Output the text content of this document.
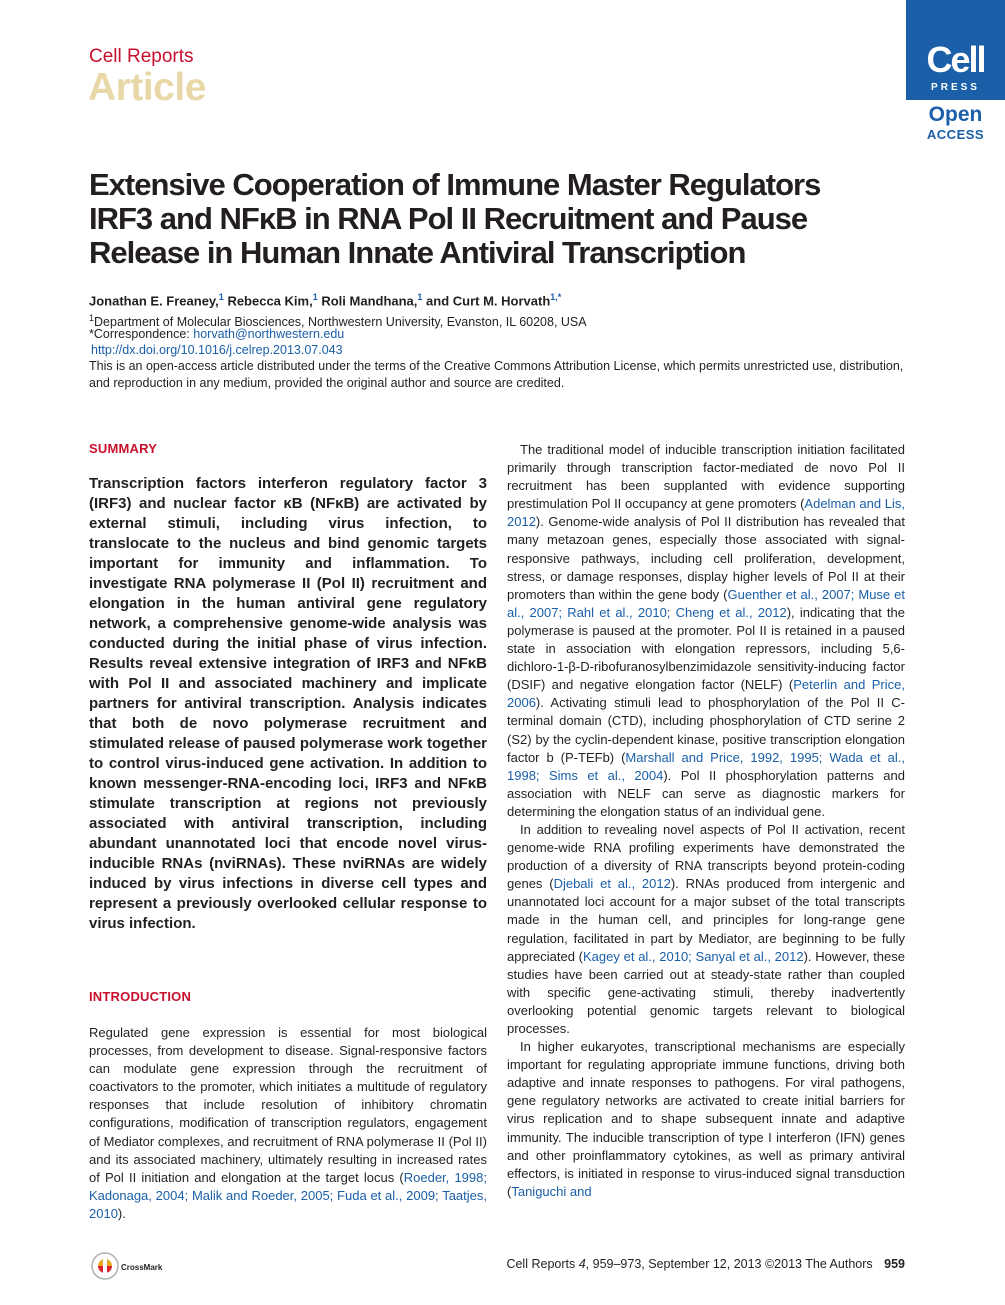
Cell Reports
Article
Cell
PRESS
Open
ACCESS
Extensive Cooperation of Immune Master Regulators IRF3 and NFκB in RNA Pol II Recruitment and Pause Release in Human Innate Antiviral Transcription
Jonathan E. Freaney,$^1$ Rebecca Kim,$^1$ Roli Mandhana,$^1$ and Curt M. Horvath$^{1,*}$
$^1$Department of Molecular Biosciences, Northwestern University, Evanston, IL 60208, USA
*Correspondence: horvath@northwestern.edu
http://dx.doi.org/10.1016/j.celrep.2013.07.043
This is an open-access article distributed under the terms of the Creative Commons Attribution License, which permits unrestricted use, distribution, and reproduction in any medium, provided the original author and source are credited.
SUMMARY

Transcription factors interferon regulatory factor 3 (IRF3) and nuclear factor κB (NFκB) are activated by external stimuli, including virus infection, to translocate to the nucleus and bind genomic targets important for immunity and inflammation. To investigate RNA polymerase II (Pol II) recruitment and elongation in the human antiviral gene regulatory network, a comprehensive genome-wide analysis was conducted during the initial phase of virus infection. Results reveal extensive integration of IRF3 and NFκB with Pol II and associated machinery and implicate partners for antiviral transcription. Analysis indicates that both de novo polymerase recruitment and stimulated release of paused polymerase work together to control virus-induced gene activation. In addition to known messenger-RNA-encoding loci, IRF3 and NFκB stimulate transcription at regions not previously associated with antiviral transcription, including abundant unannotated loci that encode novel virus-inducible RNAs (nviRNAs). These nviRNAs are widely induced by virus infections in diverse cell types and represent a previously overlooked cellular response to virus infection.

INTRODUCTION

Regulated gene expression is essential for most biological processes, from development to disease. Signal-responsive factors can modulate gene expression through the recruitment of coactivators to the promoter, which initiates a multitude of regulatory responses that include resolution of inhibitory chromatin configurations, modification of transcription regulators, engagement of Mediator complexes, and recruitment of RNA polymerase II (Pol II) and its associated machinery, ultimately resulting in increased rates of Pol II initiation and elongation at the target locus (Roeder, 1998; Kadonaga, 2004; Malik and Roeder, 2005; Fuda et al., 2009; Taatjes, 2010).

The traditional model of inducible transcription initiation facilitated primarily through transcription factor-mediated de novo Pol II recruitment has been supplanted with evidence supporting prestimulation Pol II occupancy at gene promoters (Adelman and Lis, 2012). Genome-wide analysis of Pol II distribution has revealed that many metazoan genes, especially those associated with signal-responsive pathways, including cell proliferation, development, stress, or damage responses, display higher levels of Pol II at their promoters than within the gene body (Guenther et al., 2007; Muse et al., 2007; Rahl et al., 2010; Cheng et al., 2012), indicating that the polymerase is paused at the promoter. Pol II is retained in a paused state in association with elongation repressors, including 5,6-dichloro-1-β-D-ribofuranosylbenzimidazole sensitivity-inducing factor (DSIF) and negative elongation factor (NELF) (Peterlin and Price, 2006). Activating stimuli lead to phosphorylation of the Pol II C-terminal domain (CTD), including phosphorylation of CTD serine 2 (S2) by the cyclin-dependent kinase, positive transcription elongation factor b (P-TEFb) (Marshall and Price, 1992, 1995; Wada et al., 1998; Sims et al., 2004). Pol II phosphorylation patterns and association with NELF can serve as diagnostic markers for determining the elongation status of an individual gene.

In addition to revealing novel aspects of Pol II activation, recent genome-wide RNA profiling experiments have demonstrated the production of a diversity of RNA transcripts beyond protein-coding genes (Djebali et al., 2012). RNAs produced from intergenic and unannotated loci account for a major subset of the total transcripts made in the human cell, and principles for long-range gene regulation, facilitated in part by Mediator, are beginning to be fully appreciated (Kagey et al., 2010; Sanyal et al., 2012). However, these studies have been carried out at steady-state rather than coupled with specific gene-activating stimuli, thereby inadvertently overlooking potential genomic targets relevant to biological processes.

In higher eukaryotes, transcriptional mechanisms are especially important for regulating appropriate immune functions, driving both adaptive and innate responses to pathogens. For viral pathogens, gene regulatory networks are activated to create initial barriers for virus replication and to shape subsequent innate and adaptive immunity. The inducible transcription of type I interferon (IFN) genes and other proinflammatory cytokines, as well as primary antiviral effectors, is initiated in response to virus-induced signal transduction (Taniguchi and

CrossMark	Cell Reports 4, 959–973, September 12, 2013 ©2013 The Authors 959
